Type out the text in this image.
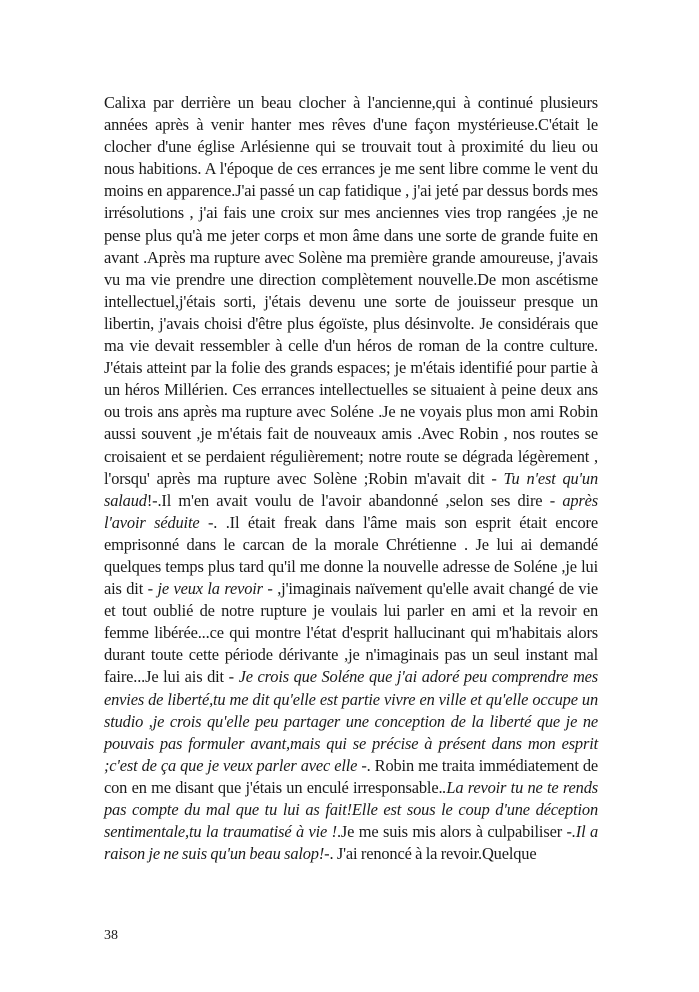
Calixa par derrière un beau clocher à l'ancienne,qui à continué plusieurs années après à venir hanter mes rêves d'une façon mystérieuse.C'était le clocher d'une église Arlésienne qui se trouvait tout à proximité du lieu ou nous habitions. A l'époque de ces errances je me sent libre comme le vent du moins en apparence.J'ai passé un cap fatidique , j'ai jeté par dessus bords mes irrésolutions , j'ai fais une croix sur mes anciennes vies trop rangées ,je ne pense plus qu'à me jeter corps et mon âme dans une sorte de grande fuite en avant .Après ma rupture avec Solène ma première grande amoureuse, j'avais vu ma vie prendre une direction complètement nouvelle.De mon ascétisme intellectuel,j'étais sorti, j'étais devenu une sorte de jouisseur presque un libertin, j'avais choisi d'être plus égoïste, plus désinvolte. Je considérais que ma vie devait ressembler à celle d'un héros de roman de la contre culture. J'étais atteint par la folie des grands espaces; je m'étais identifié pour partie à un héros Millérien. Ces errances intellectuelles se situaient à peine deux ans ou trois ans après ma rupture avec Soléne .Je ne voyais plus mon ami Robin aussi souvent ,je m'étais fait de nouveaux amis .Avec Robin , nos routes se croisaient et se perdaient régulièrement; notre route se dégrada légèrement , l'orsqu' après ma rupture avec Solène ;Robin m'avait dit - Tu n'est qu'un salaud!-.Il m'en avait voulu de l'avoir abandonné ,selon ses dire - après l'avoir séduite -. .Il était freak dans l'âme mais son esprit était encore emprisonné dans le carcan de la morale Chrétienne . Je lui ai demandé quelques temps plus tard qu'il me donne la nouvelle adresse de Soléne ,je lui ais dit - je veux la revoir - ,j'imaginais naïvement qu'elle avait changé de vie et tout oublié de notre rupture je voulais lui parler en ami et la revoir en femme libérée...ce qui montre l'état d'esprit hallucinant qui m'habitais alors durant toute cette période dérivante ,je n'imaginais pas un seul instant mal faire...Je lui ais dit - Je crois que Soléne que j'ai adoré peu comprendre mes envies de liberté,tu me dit qu'elle est partie vivre en ville et qu'elle occupe un studio ,je crois qu'elle peu partager une conception de la liberté que je ne pouvais pas formuler avant,mais qui se précise à présent dans mon esprit ;c'est de ça que je veux parler avec elle -. Robin me traita immédiatement de con en me disant que j'étais un enculé irresponsable..La revoir tu ne te rends pas compte du mal que tu lui as fait!Elle est sous le coup d'une déception sentimentale,tu la traumatisé à vie !.Je me suis mis alors à culpabiliser -.Il a raison je ne suis qu'un beau salop!-. J'ai renoncé à la revoir.Quelque

38
